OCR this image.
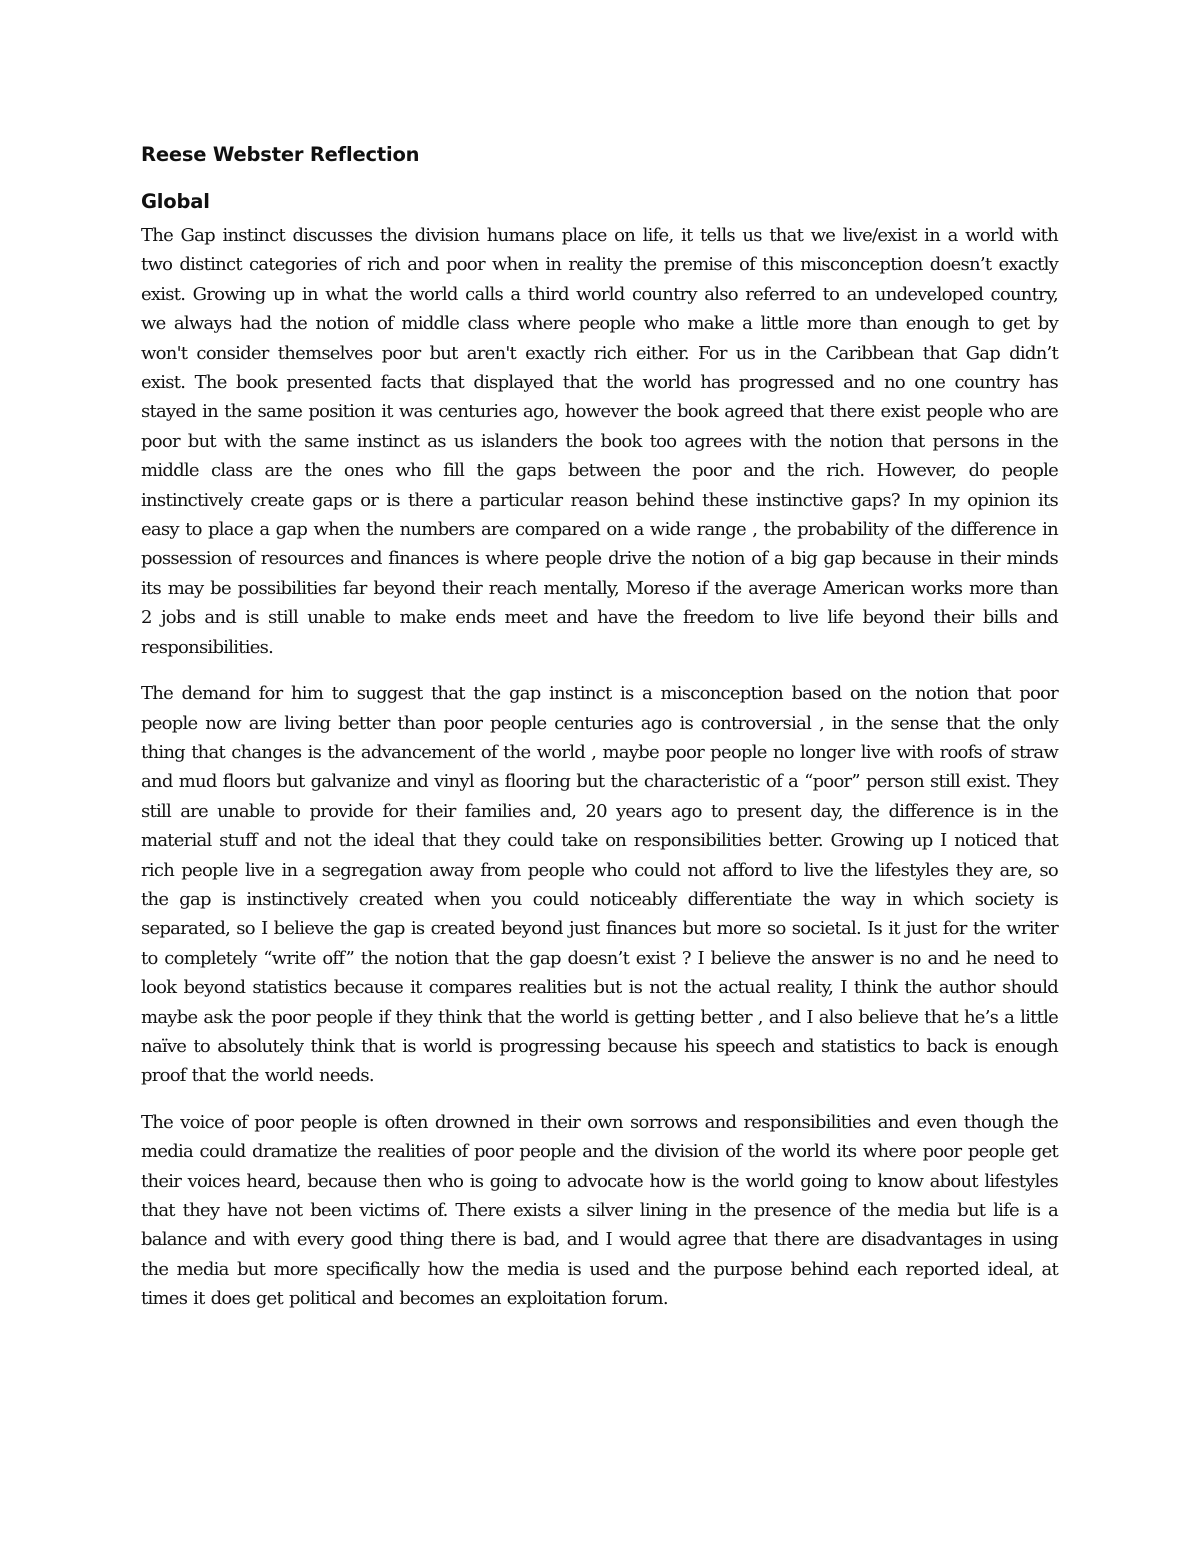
Reese Webster Reflection
Global

The Gap instinct discusses the division humans place on life, it tells us that we live/exist in a world with two distinct categories of rich and poor when in reality the premise of this misconception doesn’t exactly exist. Growing up in what the world calls a third world country also referred to an undeveloped country, we always had the notion of middle class where people who make a little more than enough to get by won't consider themselves poor but aren't exactly rich either. For us in the Caribbean that Gap didn’t exist. The book presented facts that displayed that the world has progressed and no one country has stayed in the same position it was centuries ago, however the book agreed that there exist people who are poor but with the same instinct as us islanders the book too agrees with the notion that persons in the middle class are the ones who fill the gaps between the poor and the rich. However, do people instinctively create gaps or is there a particular reason behind these instinctive gaps? In my opinion its easy to place a gap when the numbers are compared on a wide range , the probability of the difference in possession of resources and finances is where people drive the notion of a big gap because in their minds its may be possibilities far beyond their reach mentally, Moreso if the average American works more than 2 jobs and is still unable to make ends meet and have the freedom to live life beyond their bills and responsibilities.

The demand for him to suggest that the gap instinct is a misconception based on the notion that poor people now are living better than poor people centuries ago is controversial , in the sense that the only thing that changes is the advancement of the world , maybe poor people no longer live with roofs of straw and mud floors but galvanize and vinyl as flooring but the characteristic of a “poor” person still exist. They still are unable to provide for their families and, 20 years ago to present day, the difference is in the material stuff and not the ideal that they could take on responsibilities better. Growing up I noticed that rich people live in a segregation away from people who could not afford to live the lifestyles they are, so the gap is instinctively created when you could noticeably differentiate the way in which society is separated, so I believe the gap is created beyond just finances but more so societal. Is it just for the writer to completely “write off” the notion that the gap doesn’t exist ? I believe the answer is no and he need to look beyond statistics because it compares realities but is not the actual reality, I think the author should maybe ask the poor people if they think that the world is getting better , and I also believe that he’s a little naïve to absolutely think that is world is progressing because his speech and statistics to back is enough proof that the world needs.

The voice of poor people is often drowned in their own sorrows and responsibilities and even though the media could dramatize the realities of poor people and the division of the world its where poor people get their voices heard, because then who is going to advocate how is the world going to know about lifestyles that they have not been victims of. There exists a silver lining in the presence of the media but life is a balance and with every good thing there is bad, and I would agree that there are disadvantages in using the media but more specifically how the media is used and the purpose behind each reported ideal, at times it does get political and becomes an exploitation forum.
